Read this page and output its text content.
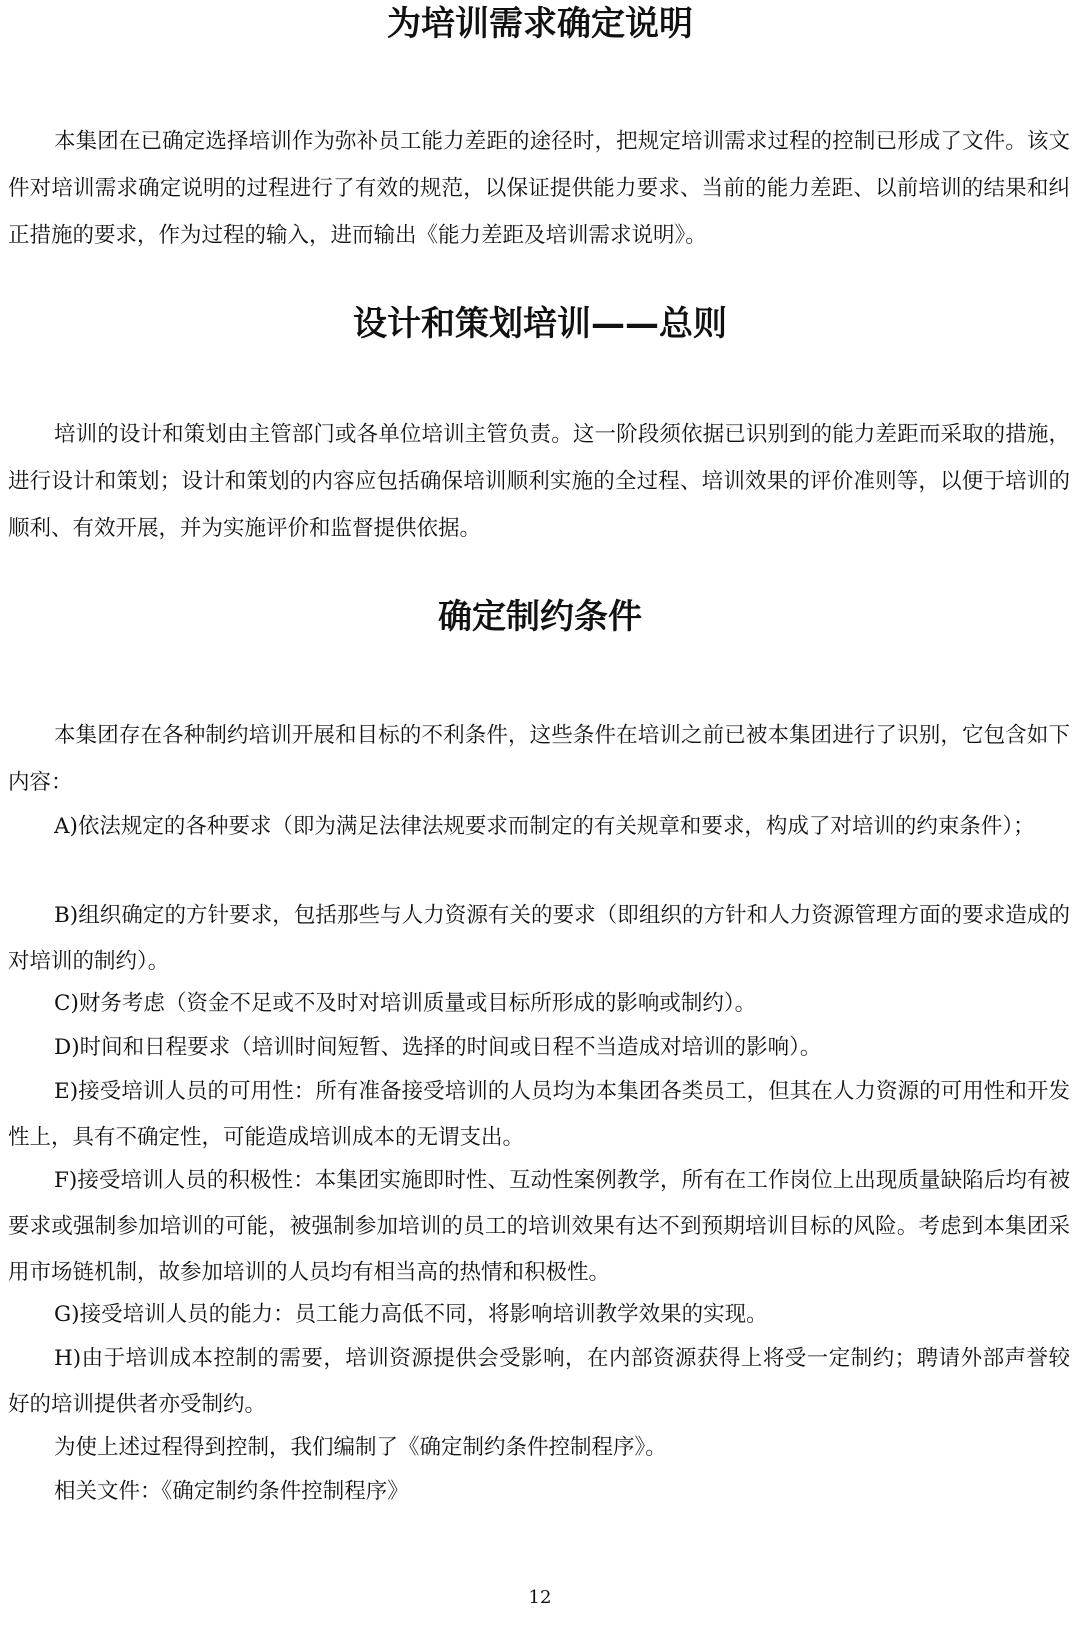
为培训需求确定说明

本集团在已确定选择培训作为弥补员工能力差距的途径时，把规定培训需求过程的控制已形成了文件。该文件对培训需求确定说明的过程进行了有效的规范，以保证提供能力要求、当前的能力差距、以前培训的结果和纠正措施的要求，作为过程的输入，进而输出《能力差距及培训需求说明》。

设计和策划培训——总则

培训的设计和策划由主管部门或各单位培训主管负责。这一阶段须依据已识别到的能力差距而采取的措施，进行设计和策划；设计和策划的内容应包括确保培训顺利实施的全过程、培训效果的评价准则等，以便于培训的顺利、有效开展，并为实施评价和监督提供依据。

确定制约条件

本集团存在各种制约培训开展和目标的不利条件，这些条件在培训之前已被本集团进行了识别，它包含如下内容：

A)依法规定的各种要求（即为满足法律法规要求而制定的有关规章和要求，构成了对培训的约束条件）；

B)组织确定的方针要求，包括那些与人力资源有关的要求（即组织的方针和人力资源管理方面的要求造成的对培训的制约）。

C)财务考虑（资金不足或不及时对培训质量或目标所形成的影响或制约）。

D)时间和日程要求（培训时间短暂、选择的时间或日程不当造成对培训的影响）。

E)接受培训人员的可用性：所有准备接受培训的人员均为本集团各类员工，但其在人力资源的可用性和开发性上，具有不确定性，可能造成培训成本的无谓支出。

F)接受培训人员的积极性：本集团实施即时性、互动性案例教学，所有在工作岗位上出现质量缺陷后均有被要求或强制参加培训的可能，被强制参加培训的员工的培训效果有达不到预期培训目标的风险。考虑到本集团采用市场链机制，故参加培训的人员均有相当高的热情和积极性。

G)接受培训人员的能力：员工能力高低不同，将影响培训教学效果的实现。

H)由于培训成本控制的需要，培训资源提供会受影响，在内部资源获得上将受一定制约；聘请外部声誉较好的培训提供者亦受制约。

为使上述过程得到控制，我们编制了《确定制约条件控制程序》。

相关文件：《确定制约条件控制程序》

12
